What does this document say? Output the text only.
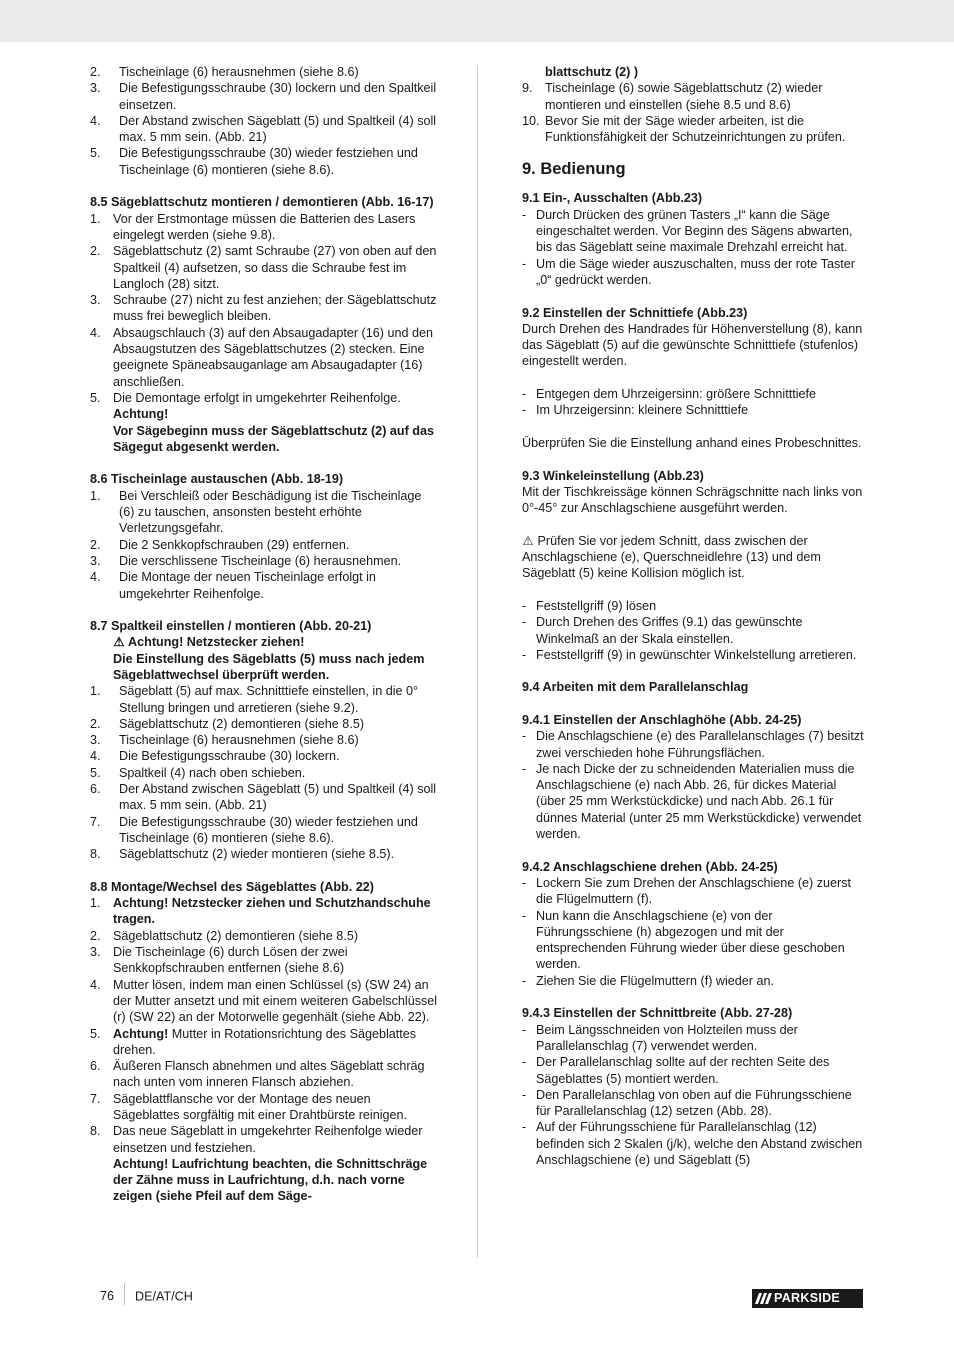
2.	Tischeinlage (6) herausnehmen (siehe 8.6)
3.	Die Befestigungsschraube (30) lockern und den Spaltkeil einsetzen.
4.	Der Abstand zwischen Sägeblatt (5) und Spaltkeil (4) soll max. 5 mm sein. (Abb. 21)
5.	Die Befestigungsschraube (30) wieder festziehen und Tischeinlage (6) montieren (siehe 8.6).

8.5 Sägeblattschutz montieren / demontieren (Abb. 16-17)

1. Vor der Erstmontage müssen die Batterien des Lasers eingelegt werden (siehe 9.8).
2. Sägeblattschutz (2) samt Schraube (27) von oben auf den Spaltkeil (4) aufsetzen, so dass die Schraube fest im Langloch (28) sitzt.
3. Schraube (27) nicht zu fest anziehen; der Sägeblattschutz muss frei beweglich bleiben.
4. Absaugschlauch (3) auf den Absaugadapter (16) und den Absaugstutzen des Sägeblattschutzes (2) stecken. Eine geeignete Späneabsauganlage am Absaugadapter (16) anschließen.
5. Die Demontage erfolgt in umgekehrter Reihenfolge.

Achtung!

Vor Sägebeginn muss der Sägeblattschutz (2) auf das Sägegut abgesenkt werden.

8.6 Tischeinlage austauschen (Abb. 18-19)

1.	Bei Verschleiß oder Beschädigung ist die Tischeinlage (6) zu tauschen, ansonsten besteht erhöhte Verletzungsgefahr.
2.	Die 2 Senkkopfschrauben (29) entfernen.
3.	Die verschlissene Tischeinlage (6) herausnehmen.
4.	Die Montage der neuen Tischeinlage erfolgt in umgekehrter Reihenfolge.

8.7 Spaltkeil einstellen / montieren (Abb. 20-21)

⚠ Achtung! Netzstecker ziehen!

Die Einstellung des Sägeblatts (5) muss nach jedem Sägeblattwechsel überprüft werden.

1.	Sägeblatt (5) auf max. Schnitttiefe einstellen, in die 0° Stellung bringen und arretieren (siehe 9.2).
2.	Sägeblattschutz (2) demontieren (siehe 8.5)
3.	Tischeinlage (6) herausnehmen (siehe 8.6)
4.	Die Befestigungsschraube (30) lockern.
5.	Spaltkeil (4) nach oben schieben.
6.	Der Abstand zwischen Sägeblatt (5) und Spaltkeil (4) soll max. 5 mm sein. (Abb. 21)
7.	Die Befestigungsschraube (30) wieder festziehen und Tischeinlage (6) montieren (siehe 8.6).
8.	Sägeblattschutz (2) wieder montieren (siehe 8.5).

8.8 Montage/Wechsel des Sägeblattes (Abb. 22)

1. Achtung! Netzstecker ziehen und Schutzhandschuhe tragen.
2. Sägeblattschutz (2) demontieren (siehe 8.5)
3. Die Tischeinlage (6) durch Lösen der zwei Senkkopfschrauben entfernen (siehe 8.6)
4. Mutter lösen, indem man einen Schlüssel (s) (SW 24) an der Mutter ansetzt und mit einem weiteren Gabelschlüssel (r) (SW 22) an der Motorwelle gegenhält (siehe Abb. 22).
5. Achtung! Mutter in Rotationsrichtung des Sägeblattes drehen.
6. Äußeren Flansch abnehmen und altes Sägeblatt schräg nach unten vom inneren Flansch abziehen.
7. Sägeblattflansche vor der Montage des neuen Sägeblattes sorgfältig mit einer Drahtbürste reinigen.
8. Das neue Sägeblatt in umgekehrter Reihenfolge wieder einsetzen und festziehen.

Achtung! Laufrichtung beachten, die Schnittschräge der Zähne muss in Laufrichtung, d.h. nach vorne zeigen (siehe Pfeil auf dem Säge-

blattschutz (2) )

9. Tischeinlage (6) sowie Sägeblattschutz (2) wieder montieren und einstellen (siehe 8.5 und 8.6)
10. Bevor Sie mit der Säge wieder arbeiten, ist die Funktionsfähigkeit der Schutzeinrichtungen zu prüfen.

9. Bedienung

9.1 Ein-, Ausschalten (Abb.23)

- Durch Drücken des grünen Tasters „I“ kann die Säge eingeschaltet werden. Vor Beginn des Sägens abwarten, bis das Sägeblatt seine maximale Drehzahl erreicht hat.
- Um die Säge wieder auszuschalten, muss der rote Taster „0“ gedrückt werden.

9.2 Einstellen der Schnittiefe (Abb.23)

Durch Drehen des Handrades für Höhenverstellung (8), kann das Sägeblatt (5) auf die gewünschte Schnitttiefe (stufenlos) eingestellt werden.

- Entgegen dem Uhrzeigersinn: größere Schnitttiefe
- Im Uhrzeigersinn: kleinere Schnitttiefe

Überprüfen Sie die Einstellung anhand eines Probeschnittes.

9.3 Winkeleinstellung (Abb.23)

Mit der Tischkreissäge können Schrägschnitte nach links von 0°-45° zur Anschlagschiene ausgeführt werden.

⚠ Prüfen Sie vor jedem Schnitt, dass zwischen der Anschlagschiene (e), Querschneidlehre (13) und dem Sägeblatt (5) keine Kollision möglich ist.

- Feststellgriff (9) lösen
- Durch Drehen des Griffes (9.1) das gewünschte Winkelmaß an der Skala einstellen.
- Feststellgriff (9) in gewünschter Winkelstellung arretieren.

9.4 Arbeiten mit dem Parallelanschlag

9.4.1 Einstellen der Anschlaghöhe (Abb. 24-25)

- Die Anschlagschiene (e) des Parallelanschlages (7) besitzt zwei verschieden hohe Führungsflächen.
- Je nach Dicke der zu schneidenden Materialien muss die Anschlagschiene (e) nach Abb. 26, für dickes Material (über 25 mm Werkstückdicke) und nach Abb. 26.1 für dünnes Material (unter 25 mm Werkstückdicke) verwendet werden.

9.4.2 Anschlagschiene drehen (Abb. 24-25)

- Lockern Sie zum Drehen der Anschlagschiene (e) zuerst die Flügelmuttern (f).
- Nun kann die Anschlagschiene (e) von der Führungsschiene (h) abgezogen und mit der entsprechenden Führung wieder über diese geschoben werden.
- Ziehen Sie die Flügelmuttern (f) wieder an.

9.4.3 Einstellen der Schnittbreite (Abb. 27-28)

- Beim Längsschneiden von Holzteilen muss der Parallelanschlag (7) verwendet werden.
- Der Parallelanschlag sollte auf der rechten Seite des Sägeblattes (5) montiert werden.
- Den Parallelanschlag von oben auf die Führungsschiene für Parallelanschlag (12) setzen (Abb. 28).
- Auf der Führungsschiene für Parallelanschlag (12) befinden sich 2 Skalen (j/k), welche den Abstand zwischen Anschlagschiene (e) und Sägeblatt (5)
76 DE/AT/CH	PARKSIDE
